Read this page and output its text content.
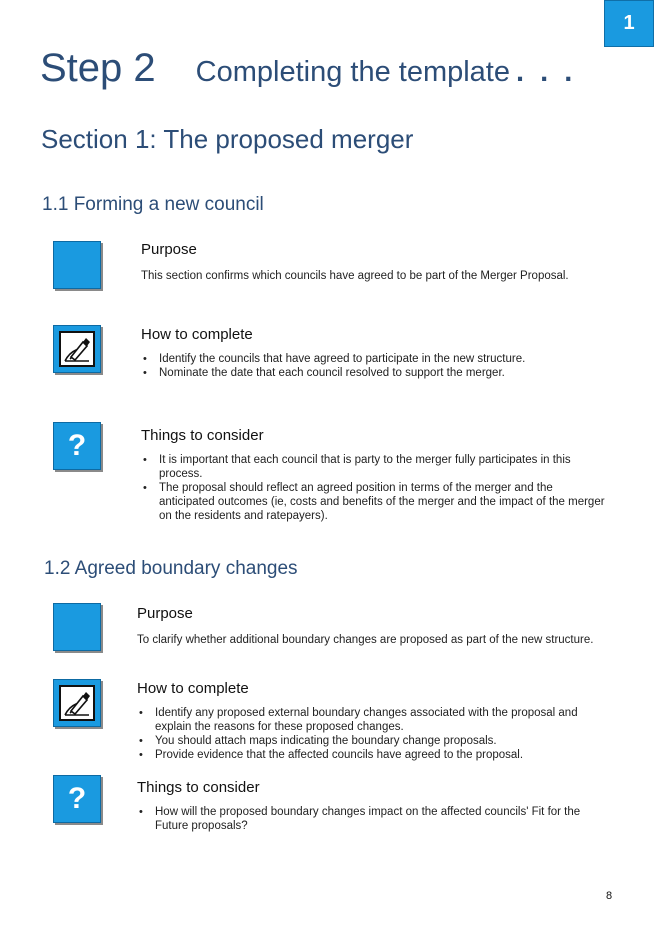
1
Step 2 Completing the template . . .
Section 1: The proposed merger
1.1 Forming a new council

Purpose

This section confirms which councils have agreed to be part of the Merger Proposal.

How to complete

• Identify the councils that have agreed to participate in the new structure.
• Nominate the date that each council resolved to support the merger.
?	Things to consider

• It is important that each council that is party to the merger fully participates in this process.
• The proposal should reflect an agreed position in terms of the merger and the anticipated outcomes (ie, costs and benefits of the merger and the impact of the merger on the residents and ratepayers).
1.2 Agreed boundary changes

Purpose

To clarify whether additional boundary changes are proposed as part of the new structure.

How to complete

• Identify any proposed external boundary changes associated with the proposal and explain the reasons for these proposed changes.
• You should attach maps indicating the boundary change proposals.
• Provide evidence that the affected councils have agreed to the proposal.
?	Things to consider

• How will the proposed boundary changes impact on the affected councils' Fit for the Future proposals?
8
